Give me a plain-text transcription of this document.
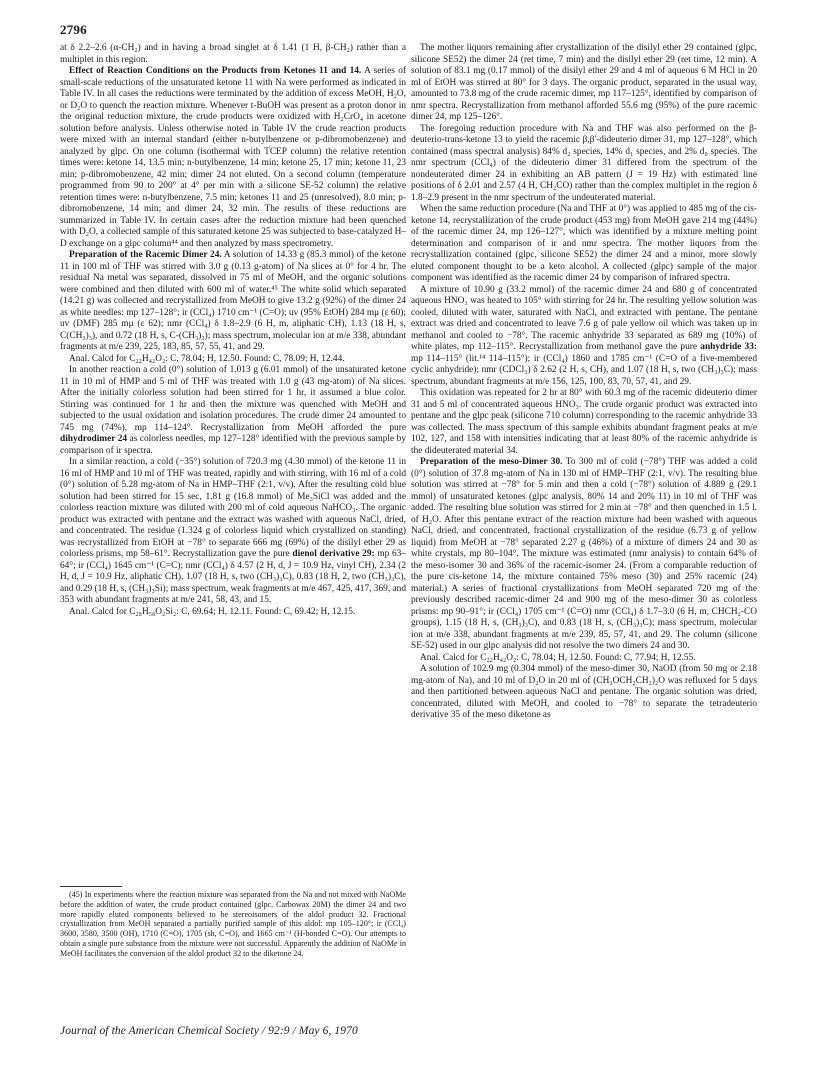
2796

at δ 2.2–2.6 (α-CH₂) and in having a broad singlet at δ 1.41 (1 H, β-CH₂) rather than a multiplet in this region.

Effect of Reaction Conditions on the Products from Ketones 11 and 14. A series of small-scale reductions of the unsaturated ketone 11 with Na were performed as indicated in Table IV. In all cases the reductions were terminated by the addition of excess MeOH, H₂O, or D₂O to quench the reaction mixture. Whenever t-BuOH was present as a proton donor in the original reduction mixture, the crude products were oxidized with H₂CrO₄ in acetone solution before analysis. Unless otherwise noted in Table IV the crude reaction products were mixed with an internal standard (either n-butylbenzene or p-dibromobenzene) and analyzed by glpc. On one column (isothermal with TCEP column) the relative retention times were: ketone 14, 13.5 min; n-butylbenzene, 14 min; ketone 25, 17 min; ketone 11, 23 min; p-dibromobenzene, 42 min; dimer 24 not eluted. On a second column (temperature programmed from 90 to 200° at 4° per min with a silicone SE-52 column) the relative retention times were: n-butylbenzene, 7.5 min; ketones 11 and 25 (unresolved), 8.0 min; p-dibromobenzene, 14 min; and dimer 24, 32 min. The results of these reductions are summarized in Table IV. In certain cases after the reduction mixture had been quenched with D₂O, a collected sample of this saturated ketone 25 was subjected to base-catalyzed H–D exchange on a glpc column⁴⁴ and then analyzed by mass spectrometry.

Preparation of the Racemic Dimer 24. A solution of 14.33 g (85.3 mmol) of the ketone 11 in 100 ml of THF was stirred with 3.0 g (0.13 g-atom) of Na slices at 0° for 4 hr. The residual Na metal was separated, dissolved in 75 ml of MeOH, and the organic solutions were combined and then diluted with 600 ml of water.⁴⁵ The white solid which separated (14.21 g) was collected and recrystallized from MeOH to give 13.2 g (92%) of the dimer 24 as white needles: mp 127–128°; ir (CCl₄) 1710 cm⁻¹ (C=O); uv (95% EtOH) 284 mμ (ε 60); uv (DMF) 285 mμ (ε 62); nmr (CCl₄) δ 1.8–2.9 (6 H, m, aliphatic CH), 1.13 (18 H, s, C(CH₃)₃), and 0.72 (18 H, s, C-(CH₃)₃); mass spectrum, molecular ion at m/e 338, abundant fragments at m/e 239, 225, 183, 85, 57, 55, 41, and 29.

Anal. Calcd for C₂₂H₄₂O₂: C, 78.04; H, 12.50. Found: C, 78.09; H, 12.44.

In another reaction a cold (0°) solution of 1.013 g (6.01 mmol) of the unsaturated ketone 11 in 10 ml of HMP and 5 ml of THF was treated with 1.0 g (43 mg-atom) of Na slices. After the initially colorless solution had been stirred for 1 hr, it assumed a blue color. Stirring was continued for 1 hr and then the mixture was quenched with MeOH and subjected to the usual oxidation and isolation procedures. The crude dimer 24 amounted to 745 mg (74%), mp 114–124°. Recrystallization from MeOH afforded the pure dihydrodimer 24 as colorless needles, mp 127–128° identified with the previous sample by comparison of ir spectra.

In a similar reaction, a cold (−35°) solution of 720.3 mg (4.30 mmol) of the ketone 11 in 16 ml of HMP and 10 ml of THF was treated, rapidly and with stirring, with 16 ml of a cold (0°) solution of 5.28 mg-atom of Na in HMP–THF (2:1, v/v). After the resulting cold blue solution had been stirred for 15 sec, 1.81 g (16.8 mmol) of Me₃SiCl was added and the colorless reaction mixture was diluted with 200 ml of cold aqueous NaHCO₃. The organic product was extracted with pentane and the extract was washed with aqueous NaCl, dried, and concentrated. The residue (1.324 g of colorless liquid which crystallized on standing) was recrystallized from EtOH at −78° to separate 666 mg (69%) of the disilyl ether 29 as colorless prisms, mp 58–61°. Recrystallization gave the pure dienol derivative 29: mp 63–64°; ir (CCl₄) 1645 cm⁻¹ (C=C); nmr (CCl₄) δ 4.57 (2 H, d, J = 10.9 Hz, vinyl CH), 2.34 (2 H, d, J = 10.9 Hz, aliphatic CH), 1.07 (18 H, s, two (CH₃)₃C), 0.83 (18 H, 2, two (CH₃)₃C), and 0.29 (18 H, s, (CH₃)₃Si); mass spectrum, weak fragments at m/e 467, 425, 417, 369, and 353 with abundant fragments at m/e 241, 58, 43, and 15.

Anal. Calcd for C₂₈H₅₈O₂Si₂: C, 69.64; H, 12.11. Found: C, 69.42; H, 12.15.

(45) In experiments where the reaction mixture was separated from the Na and not mixed with NaOMe before the addition of water, the crude product contained (glpc, Carbowax 20M) the dimer 24 and two more rapidly eluted components believed to be stereoisomers of the aldol product 32. Fractional crystallization from MeOH separated a partially purified sample of this aldol: mp 105–120°; ir (CCl₄) 3600, 3580, 3500 (OH), 1710 (C=O), 1705 (sh, C=O), and 1665 cm⁻¹ (H-bonded C=O). Our attempts to obtain a single pure substance from the mixture were not successful. Apparently the addition of NaOMe in MeOH facilitates the conversion of the aldol product 32 to the diketone 24.

The mother liquors remaining after crystallization of the disilyl ether 29 contained (glpc, silicone SE52) the dimer 24 (ret time, 7 min) and the disilyl ether 29 (ret time, 12 min). A solution of 83.1 mg (0.17 mmol) of the disilyl ether 29 and 4 ml of aqueous 6 M HCl in 20 ml of EtOH was stirred at 80° for 3 days. The organic product, separated in the usual way, amounted to 73.8 mg of the crude racemic dimer, mp 117–125°, identified by comparison of nmr spectra. Recrystallization from methanol afforded 55.6 mg (95%) of the pure racemic dimer 24, mp 125–126°.

The foregoing reduction procedure with Na and THF was also performed on the β-deuterio-trans-ketone 13 to yield the racemic β,β'-dideuterio dimer 31, mp 127–128°, which contained (mass spectral analysis) 84% d₂ species, 14% d₁ species, and 2% d₀ species. The nmr spectrum (CCl₄) of the dideuterio dimer 31 differed from the spectrum of the nondeuterated dimer 24 in exhibiting an AB pattern (J = 19 Hz) with estimated line positions of δ 2.01 and 2.57 (4 H, CH₂CO) rather than the complex multiplet in the region δ 1.8–2.9 present in the nmr spectrum of the undeuterated material.

When the same reduction procedure (Na and THF at 0°) was applied to 485 mg of the cis-ketone 14, recrystallization of the crude product (453 mg) from MeOH gave 214 mg (44%) of the racemic dimer 24, mp 126–127°, which was identified by a mixture melting point determination and comparison of ir and nmr spectra. The mother liquors from the recrystallization contained (glpc, silicone SE52) the dimer 24 and a minor, more slowly eluted component thought to be a keto alcohol. A collected (glpc) sample of the major component was identified as the racemic dimer 24 by comparison of infrared spectra.

A mixture of 10.90 g (33.2 mmol) of the racemic dimer 24 and 680 g of concentrated aqueous HNO₃ was heated to 105° with stirring for 24 hr. The resulting yellow solution was cooled, diluted with water, saturated with NaCl, and extracted with pentane. The pentane extract was dried and concentrated to leave 7.6 g of pale yellow oil which was taken up in methanol and cooled to −78°. The racemic anhydride 33 separated as 689 mg (10%) of white plates, mp 112–115°. Recrystallization from methanol gave the pure anhydride 33: mp 114–115° (lit.¹⁴ 114–115°); ir (CCl₄) 1860 and 1785 cm⁻¹ (C=O of a five-membered cyclic anhydride); nmr (CDCl₃) δ 2.62 (2 H, s, CH), and 1.07 (18 H, s, two (CH₃)₃C); mass spectrum, abundant fragments at m/e 156, 125, 100, 83, 70, 57, 41, and 29.

This oxidation was repeated for 2 hr at 80° with 60.3 mg of the racemic dideuterio dimer 31 and 5 ml of concentrated aqueous HNO₃. The crude organic product was extracted into pentane and the glpc peak (silicone 710 column) corresponding to the racemic anhydride 33 was collected. The mass spectrum of this sample exhibits abundant fragment peaks at m/e 102, 127, and 158 with intensities indicating that at least 80% of the racemic anhydride is the dideuterated material 34.

Preparation of the meso-Dimer 30. To 300 ml of cold (−78°) THF was added a cold (0°) solution of 37.8 mg-atom of Na in 130 ml of HMP–THF (2:1, v/v). The resulting blue solution was stirred at −78° for 5 min and then a cold (−78°) solution of 4.889 g (29.1 mmol) of unsaturated ketones (glpc analysis, 80% 14 and 20% 11) in 10 ml of THF was added. The resulting blue solution was stirred for 2 min at −78° and then quenched in 1.5 l. of H₂O. After this pentane extract of the reaction mixture had been washed with aqueous NaCl, dried, and concentrated, fractional crystallization of the residue (6.73 g of yellow liquid) from MeOH at −78° separated 2.27 g (46%) of a mixture of dimers 24 and 30 as white crystals, mp 80–104°. The mixture was estimated (nmr analysis) to contain 64% of the meso-isomer 30 and 36% of the racemic-isomer 24. (From a comparable reduction of the pure cis-ketone 14, the mixture contained 75% meso (30) and 25% racemic (24) material.) A series of fractional crystallizations from MeOH separated 720 mg of the previously described racemic-dimer 24 and 900 mg of the meso-dimer 30 as colorless prisms: mp 90–91°; ir (CCl₄) 1705 cm⁻¹ (C=O) nmr (CCl₄) δ 1.7–3.0 (6 H, m, CHCH₂-CO groups), 1.15 (18 H, s, (CH₃)₃C), and 0.83 (18 H, s, (CH₃)₃C); mass spectrum, molecular ion at m/e 338, abundant fragments at m/e 239, 85, 57, 41, and 29. The column (silicone SE-52) used in our glpc analysis did not resolve the two dimers 24 and 30.

Anal. Calcd for C₂₂H₄₂O₂: C, 78.04; H, 12.50. Found: C, 77.94; H, 12.55.

A solution of 102.9 mg (0.304 mmol) of the meso-dimer 30, NaOD (from 50 mg or 2.18 mg-atom of Na), and 10 ml of D₂O in 20 ml of (CH₃OCH₂CH₂)₂O was refluxed for 5 days and then partitioned between aqueous NaCl and pentane. The organic solution was dried, concentrated, diluted with MeOH, and cooled to −78° to separate the tetradeuterio derivative 35 of the meso diketone as

Journal of the American Chemical Society / 92:9 / May 6, 1970
